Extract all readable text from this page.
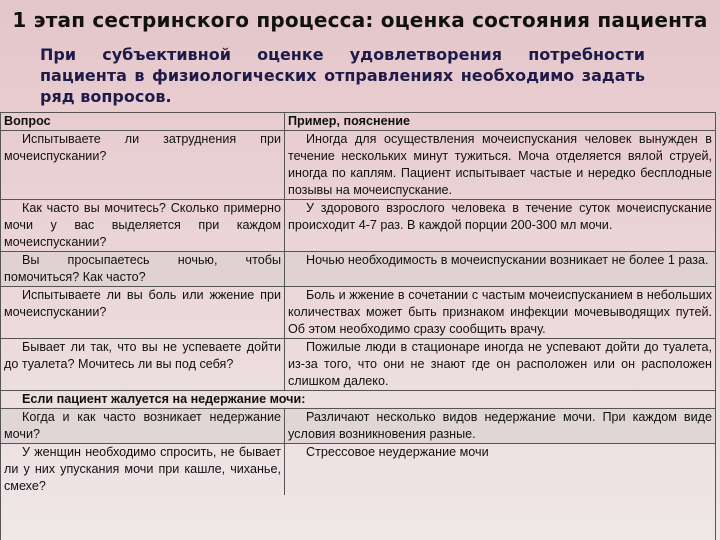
1 этап сестринского процесса: оценка состояния пациента
При субъективной оценке удовлетворения потребности пациента в физиологических отправлениях необходимо задать ряд вопросов.
Вопрос	Пример, пояснение
Испытываете ли затруднения при мочеиспускании?	Иногда для осуществления мочеиспускания человек вынужден в течение нескольких минут тужиться. Моча отделяется вялой струей, иногда по каплям. Пациент испытывает частые и нередко бесплодные позывы на мочеиспускание.
Как часто вы мочитесь? Сколько примерно мочи у вас выделяется при каждом мочеиспускании?	У здорового взрослого человека в течение суток мочеиспускание происходит 4-7 раз. В каждой порции 200-300 мл мочи.
Вы просыпаетесь ночью, чтобы помочиться? Как часто?	Ночью необходимость в мочеиспускании возникает не более 1 раза.
Испытываете ли вы боль или жжение при мочеиспускании?	Боль и жжение в сочетании с частым мочеиспусканием в небольших количествах может быть признаком инфекции мочевыводящих путей. Об этом необходимо сразу сообщить врачу.
Бывает ли так, что вы не успеваете дойти до туалета? Мочитесь ли вы под себя?	Пожилые люди в стационаре иногда не успевают дойти до туалета, из-за того, что они не знают где он расположен или он расположен слишком далеко.
Если пациент жалуется на недержание мочи:	
Когда и как часто возникает недержание мочи?	Различают несколько видов недержание мочи. При каждом виде условия возникновения разные.
У женщин необходимо спросить, не бывает ли у них упускания мочи при кашле, чиханье, смехе?	Стрессовое неудержание мочи
